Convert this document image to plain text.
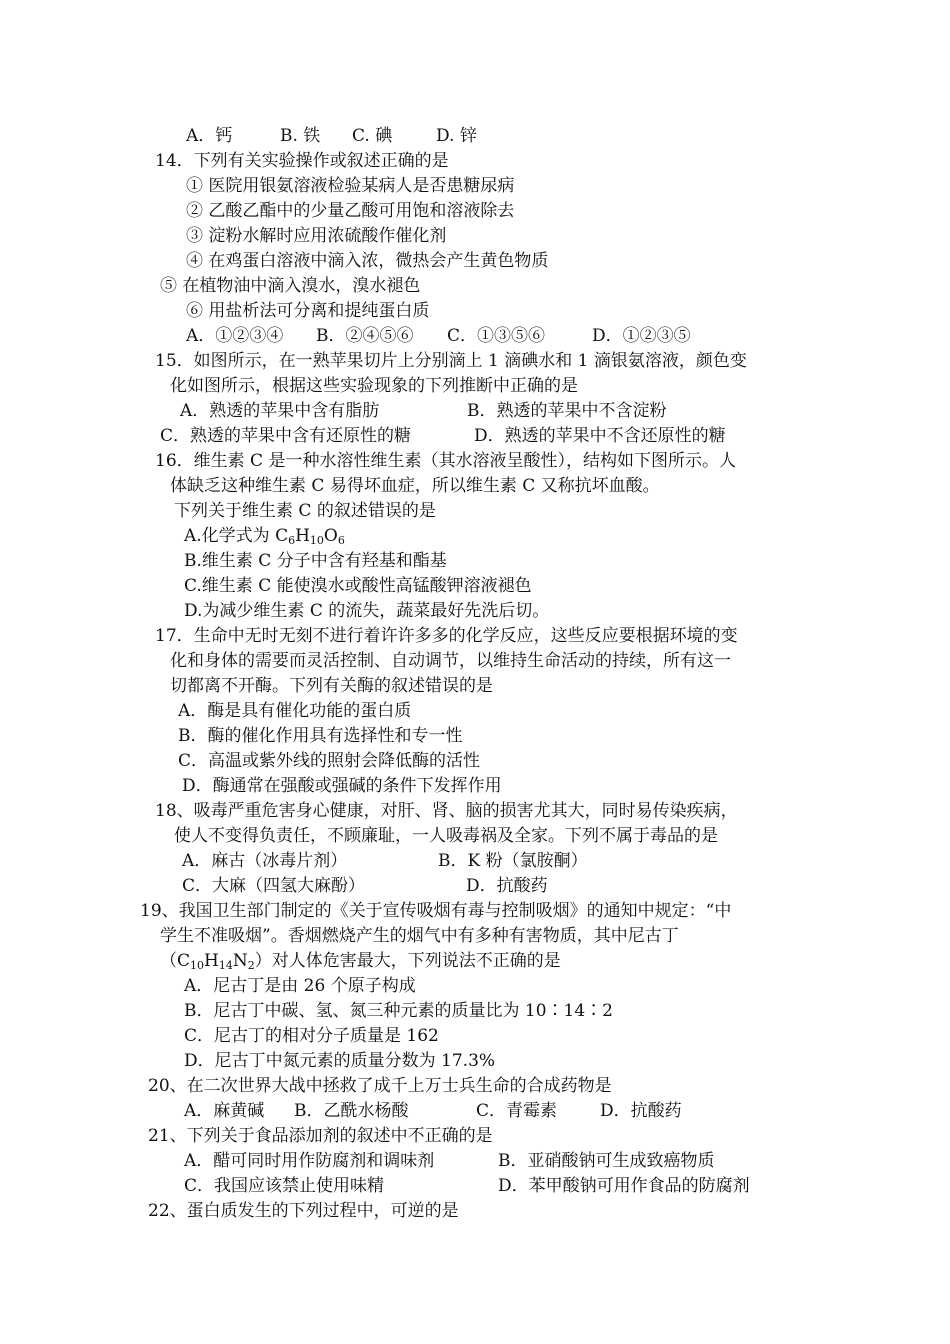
A．钙	B. 铁 C. 碘	D. 锌
14．下列有关实验操作或叙述正确的是
① 医院用银氨溶液检验某病人是否患糖尿病
② 乙酸乙酯中的少量乙酸可用饱和溶液除去
③ 淀粉水解时应用浓硫酸作催化剂
④ 在鸡蛋白溶液中滴入浓，微热会产生黄色物质
⑤ 在植物油中滴入溴水，溴水褪色
⑥ 用盐析法可分离和提纯蛋白质
A．①②③④ B．②④⑤⑥ C．①③⑤⑥	D．①②③⑤
15．如图所示，在一熟苹果切片上分别滴上 1 滴碘水和 1 滴银氨溶液，颜色变
化如图所示，根据这些实验现象的下列推断中正确的是
A．熟透的苹果中含有脂肪	B．熟透的苹果中不含淀粉
C．熟透的苹果中含有还原性的糖	D．熟透的苹果中不含还原性的糖
16．维生素 C 是一种水溶性维生素（其水溶液呈酸性），结构如下图所示。人
体缺乏这种维生素 C 易得坏血症，所以维生素 C 又称抗坏血酸。
下列关于维生素 C 的叙述错误的是
A.化学式为 $C_6H_{10}O_6$
B.维生素 C 分子中含有羟基和酯基
C.维生素 C 能使溴水或酸性高锰酸钾溶液褪色
D.为减少维生素 C 的流失，蔬菜最好先洗后切。
17．生命中无时无刻不进行着许许多多的化学反应，这些反应要根据环境的变
化和身体的需要而灵活控制、自动调节，以维持生命活动的持续，所有这一
切都离不开酶。下列有关酶的叙述错误的是
A．酶是具有催化功能的蛋白质
B．酶的催化作用具有选择性和专一性
C．高温或紫外线的照射会降低酶的活性
D．酶通常在强酸或强碱的条件下发挥作用
18、吸毒严重危害身心健康，对肝、肾、脑的损害尤其大，同时易传染疾病，
使人不变得负责任，不顾廉耻，一人吸毒祸及全家。下列不属于毒品的是
A．麻古（冰毒片剂）	B．K 粉（氯胺酮）
C．大麻（四氢大麻酚）	D．抗酸药
19、我国卫生部门制定的《关于宣传吸烟有毒与控制吸烟》的通知中规定：“中
学生不准吸烟”。香烟燃烧产生的烟气中有多种有害物质，其中尼古丁
$(C_{10}H_{14}N_2)$对人体危害最大，下列说法不正确的是
A．尼古丁是由 26 个原子构成
B．尼古丁中碳、氢、氮三种元素的质量比为 10∶14∶2
C．尼古丁的相对分子质量是 162
D．尼古丁中氮元素的质量分数为 17.3%
20、在二次世界大战中拯救了成千上万士兵生命的合成药物是
A．麻黄碱 B．乙酰水杨酸	C．青霉素	D．抗酸药
21、下列关于食品添加剂的叙述中不正确的是
A．醋可同时用作防腐剂和调味剂	B．亚硝酸钠可生成致癌物质
C．我国应该禁止使用味精	D．苯甲酸钠可用作食品的防腐剂
22、蛋白质发生的下列过程中，可逆的是
